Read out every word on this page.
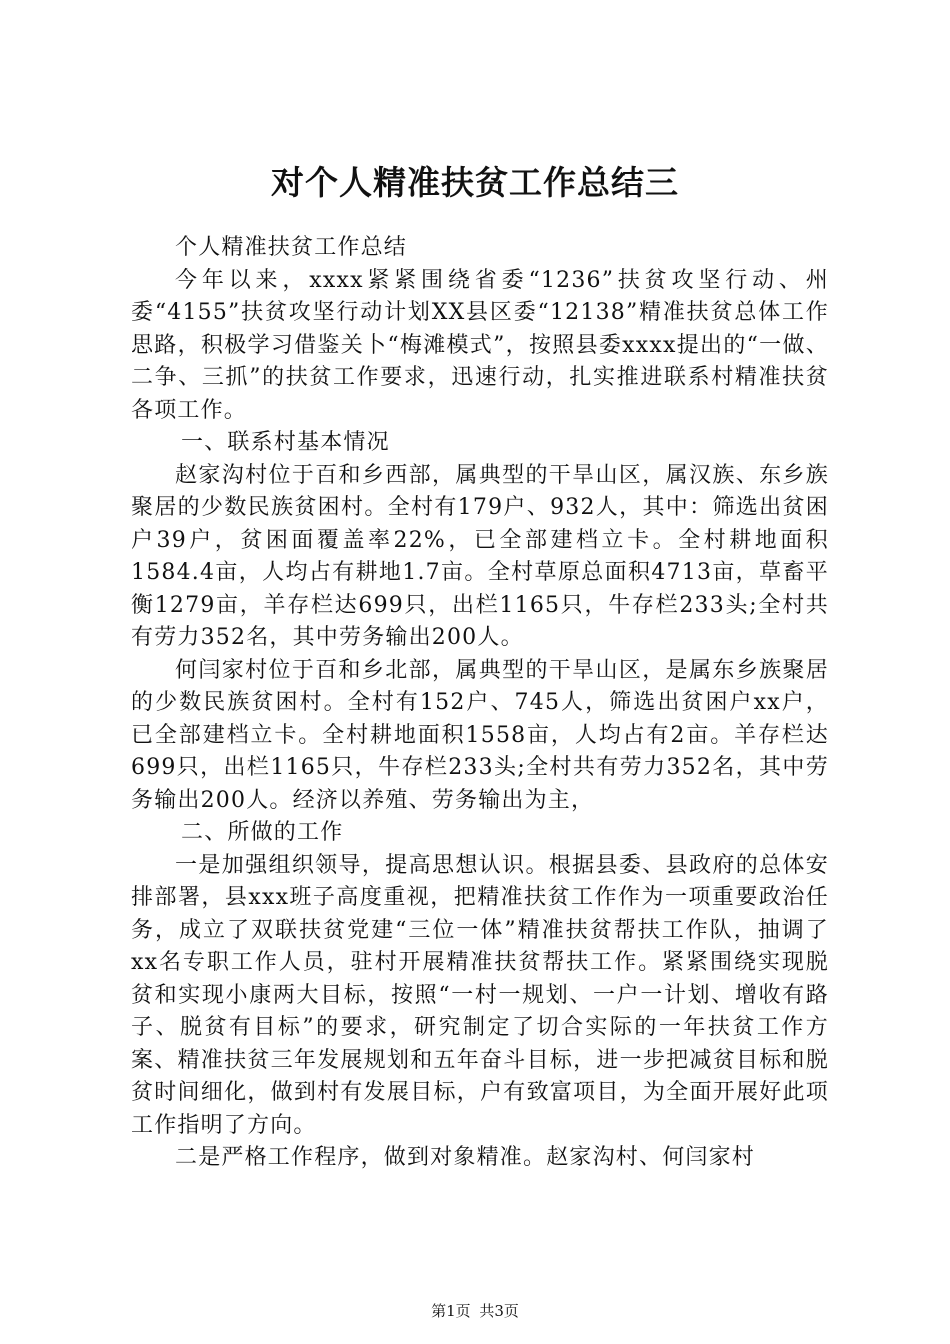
对个人精准扶贫工作总结三

个人精准扶贫工作总结

今年以来，xxxx紧紧围绕省委“1236”扶贫攻坚行动、州委“4155”扶贫攻坚行动计划XX县区委“12138”精准扶贫总体工作思路，积极学习借鉴关卜“梅滩模式”，按照县委xxxx提出的“一做、二争、三抓”的扶贫工作要求，迅速行动，扎实推进联系村精准扶贫各项工作。

一、联系村基本情况

赵家沟村位于百和乡西部，属典型的干旱山区，属汉族、东乡族聚居的少数民族贫困村。全村有179户、932人，其中：筛选出贫困户39户，贫困面覆盖率22%，已全部建档立卡。全村耕地面积1584.4亩，人均占有耕地1.7亩。全村草原总面积4713亩，草畜平衡1279亩，羊存栏达699只，出栏1165只，牛存栏233头;全村共有劳力352名，其中劳务输出200人。

何闫家村位于百和乡北部，属典型的干旱山区，是属东乡族聚居的少数民族贫困村。全村有152户、745人，筛选出贫困户xx户，已全部建档立卡。全村耕地面积1558亩，人均占有2亩。羊存栏达699只，出栏1165只，牛存栏233头;全村共有劳力352名，其中劳务输出200人。经济以养殖、劳务输出为主，

二、所做的工作

一是加强组织领导，提高思想认识。根据县委、县政府的总体安排部署，县xxx班子高度重视，把精准扶贫工作作为一项重要政治任务，成立了双联扶贫党建“三位一体”精准扶贫帮扶工作队，抽调了xx名专职工作人员，驻村开展精准扶贫帮扶工作。紧紧围绕实现脱贫和实现小康两大目标，按照“一村一规划、一户一计划、增收有路子、脱贫有目标”的要求，研究制定了切合实际的一年扶贫工作方案、精准扶贫三年发展规划和五年奋斗目标，进一步把减贫目标和脱贫时间细化，做到村有发展目标，户有致富项目，为全面开展好此项工作指明了方向。

二是严格工作程序，做到对象精准。赵家沟村、何闫家村

第1页 共3页
